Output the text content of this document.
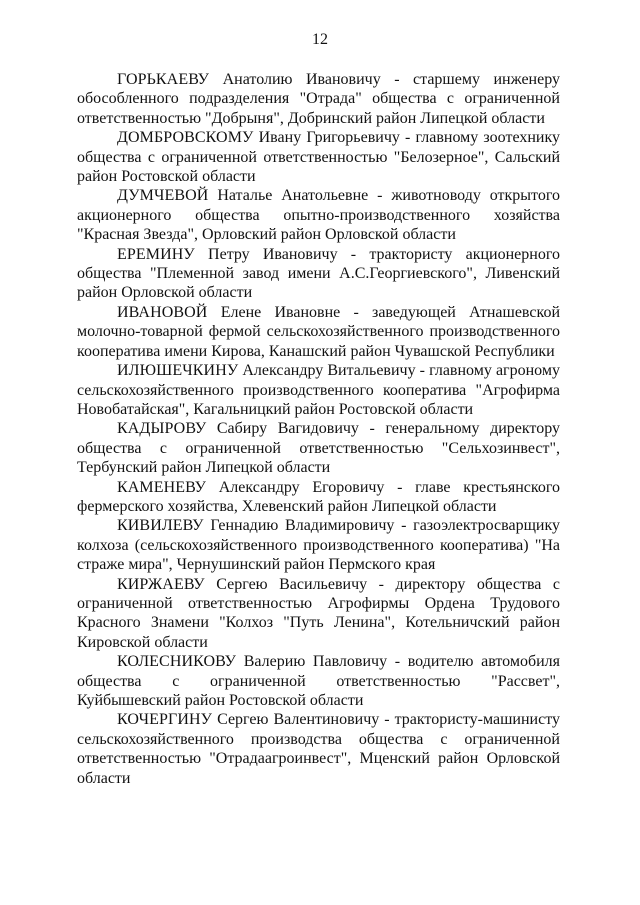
12

ГОРЬКАЕВУ Анатолию Ивановичу - старшему инженеру обособленного подразделения "Отрада" общества с ограниченной ответственностью "Добрыня", Добринский район Липецкой области

ДОМБРОВСКОМУ Ивану Григорьевичу - главному зоотехнику общества с ограниченной ответственностью "Белозерное", Сальский район Ростовской области

ДУМЧЕВОЙ Наталье Анатольевне - животноводу открытого акционерного общества опытно-производственного хозяйства "Красная Звезда", Орловский район Орловской области

ЕРЕМИНУ Петру Ивановичу - трактористу акционерного общества "Племенной завод имени А.С.Георгиевского", Ливенский район Орловской области

ИВАНОВОЙ Елене Ивановне - заведующей Атнашевской молочно-товарной фермой сельскохозяйственного производственного кооператива имени Кирова, Канашский район Чувашской Республики

ИЛЮШЕЧКИНУ Александру Витальевичу - главному агроному сельскохозяйственного производственного кооператива "Агрофирма Новобатайская", Кагальницкий район Ростовской области

КАДЫРОВУ Сабиру Вагидовичу - генеральному директору общества с ограниченной ответственностью "Сельхозинвест", Тербунский район Липецкой области

КАМЕНЕВУ Александру Егоровичу - главе крестьянского фермерского хозяйства, Хлевенский район Липецкой области

КИВИЛЕВУ Геннадию Владимировичу - газоэлектросварщику колхоза (сельскохозяйственного производственного кооператива) "На страже мира", Чернушинский район Пермского края

КИРЖАЕВУ Сергею Васильевичу - директору общества с ограниченной ответственностью Агрофирмы Ордена Трудового Красного Знамени "Колхоз "Путь Ленина", Котельничский район Кировской области

КОЛЕСНИКОВУ Валерию Павловичу - водителю автомобиля общества с ограниченной ответственностью "Рассвет", Куйбышевский район Ростовской области

КОЧЕРГИНУ Сергею Валентиновичу - трактористу-машинисту сельскохозяйственного производства общества с ограниченной ответственностью "Отрадаагроинвест", Мценский район Орловской области
